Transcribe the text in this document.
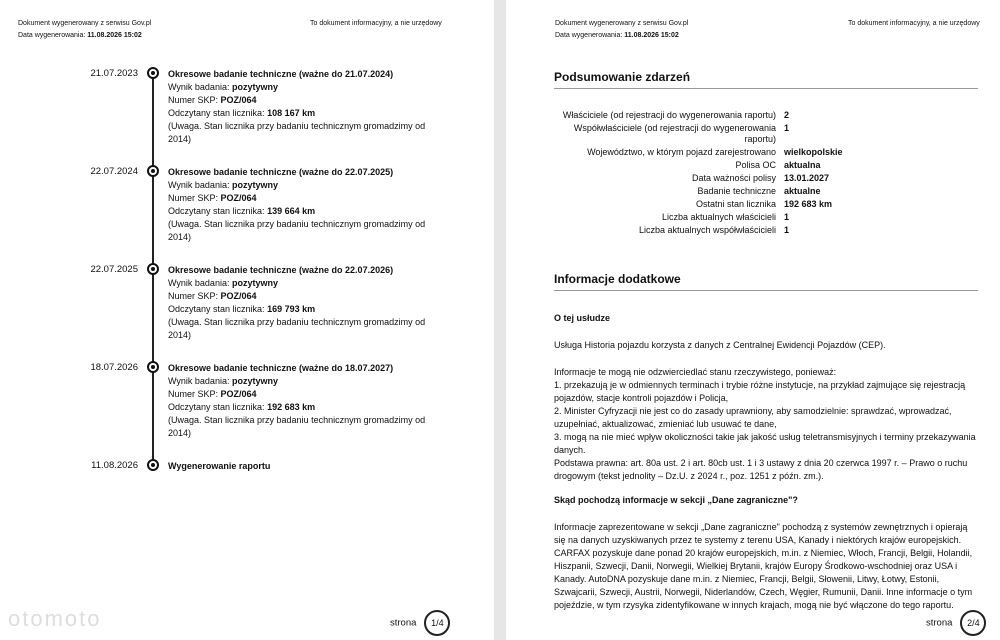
Dokument wygenerowany z serwisu Gov.pl
Data wygenerowania: 11.08.2026 15:02
To dokument informacyjny, a nie urzędowy
21.07.2023	Okresowe badanie techniczne (ważne do 21.07.2024)
Wynik badania: pozytywny
Numer SKP: POZ/064
Odczytany stan licznika: 108 167 km
(Uwaga. Stan licznika przy badaniu technicznym gromadzimy od 2014)
22.07.2024	Okresowe badanie techniczne (ważne do 22.07.2025)
Wynik badania: pozytywny
Numer SKP: POZ/064
Odczytany stan licznika: 139 664 km
(Uwaga. Stan licznika przy badaniu technicznym gromadzimy od 2014)
22.07.2025	Okresowe badanie techniczne (ważne do 22.07.2026)
Wynik badania: pozytywny
Numer SKP: POZ/064
Odczytany stan licznika: 169 793 km
(Uwaga. Stan licznika przy badaniu technicznym gromadzimy od 2014)
18.07.2026	Okresowe badanie techniczne (ważne do 18.07.2027)
Wynik badania: pozytywny
Numer SKP: POZ/064
Odczytany stan licznika: 192 683 km
(Uwaga. Stan licznika przy badaniu technicznym gromadzimy od 2014)
11.08.2026	Wygenerowanie raportu
otomoto	strona 1/4
Dokument wygenerowany z serwisu Gov.pl
Data wygenerowania: 11.08.2026 15:02
To dokument informacyjny, a nie urzędowy
Podsumowanie zdarzeń
Właściciele (od rejestracji do wygenerowania raportu) 2
Współwłaściciele (od rejestracji do wygenerowania raportu)
1
Województwo, w którym pojazd zarejestrowano wielkopolskie
Polisa OC aktualna
Data ważności polisy 13.01.2027
Badanie techniczne aktualne
Ostatni stan licznika 192 683 km
Liczba aktualnych właścicieli 1
Liczba aktualnych współwłaścicieli 1
Informacje dodatkowe
O tej usłudze
Usługa Historia pojazdu korzysta z danych z Centralnej Ewidencji Pojazdów (CEP).

Informacje te mogą nie odzwierciedlać stanu rzeczywistego, ponieważ:

1. przekazują je w odmiennych terminach i trybie różne instytucje, na przykład zajmujące się rejestracją pojazdów, stacje kontroli pojazdów i Policja,

2. Minister Cyfryzacji nie jest co do zasady uprawniony, aby samodzielnie: sprawdzać, wprowadzać, uzupełniać, aktualizować, zmieniać lub usuwać te dane,

3. mogą na nie mieć wpływ okoliczności takie jak jakość usług teletransmisyjnych i terminy przekazywania danych.

Podstawa prawna: art. 80a ust. 2 i art. 80cb ust. 1 i 3 ustawy z dnia 20 czerwca 1997 r. – Prawo o ruchu drogowym (tekst jednolity – Dz.U. z 2024 r., poz. 1251 z późn. zm.).

Skąd pochodzą informacje w sekcji „Dane zagraniczne"?
Informacje zaprezentowane w sekcji „Dane zagraniczne" pochodzą z systemów zewnętrznych i opierają się na danych uzyskiwanych przez te systemy z terenu USA, Kanady i niektórych krajów europejskich. CARFAX pozyskuje dane ponad 20 krajów europejskich, m.in. z Niemiec, Włoch, Francji, Belgii, Holandii, Hiszpanii, Szwecji, Danii, Norwegii, Wielkiej Brytanii, krajów Europy Środkowo-wschodniej oraz USA i Kanady. AutoDNA pozyskuje dane m.in. z Niemiec, Francji, Belgii, Słowenii, Litwy, Łotwy, Estonii, Szwajcarii, Szwecji, Austrii, Norwegii, Niderlandów, Czech, Węgier, Rumunii, Danii. Inne informacje o tym pojeździe, w tym rzysyka zidentyfikowane w innych krajach, mogą nie być włączone do tego raportu.
strona 2/4
